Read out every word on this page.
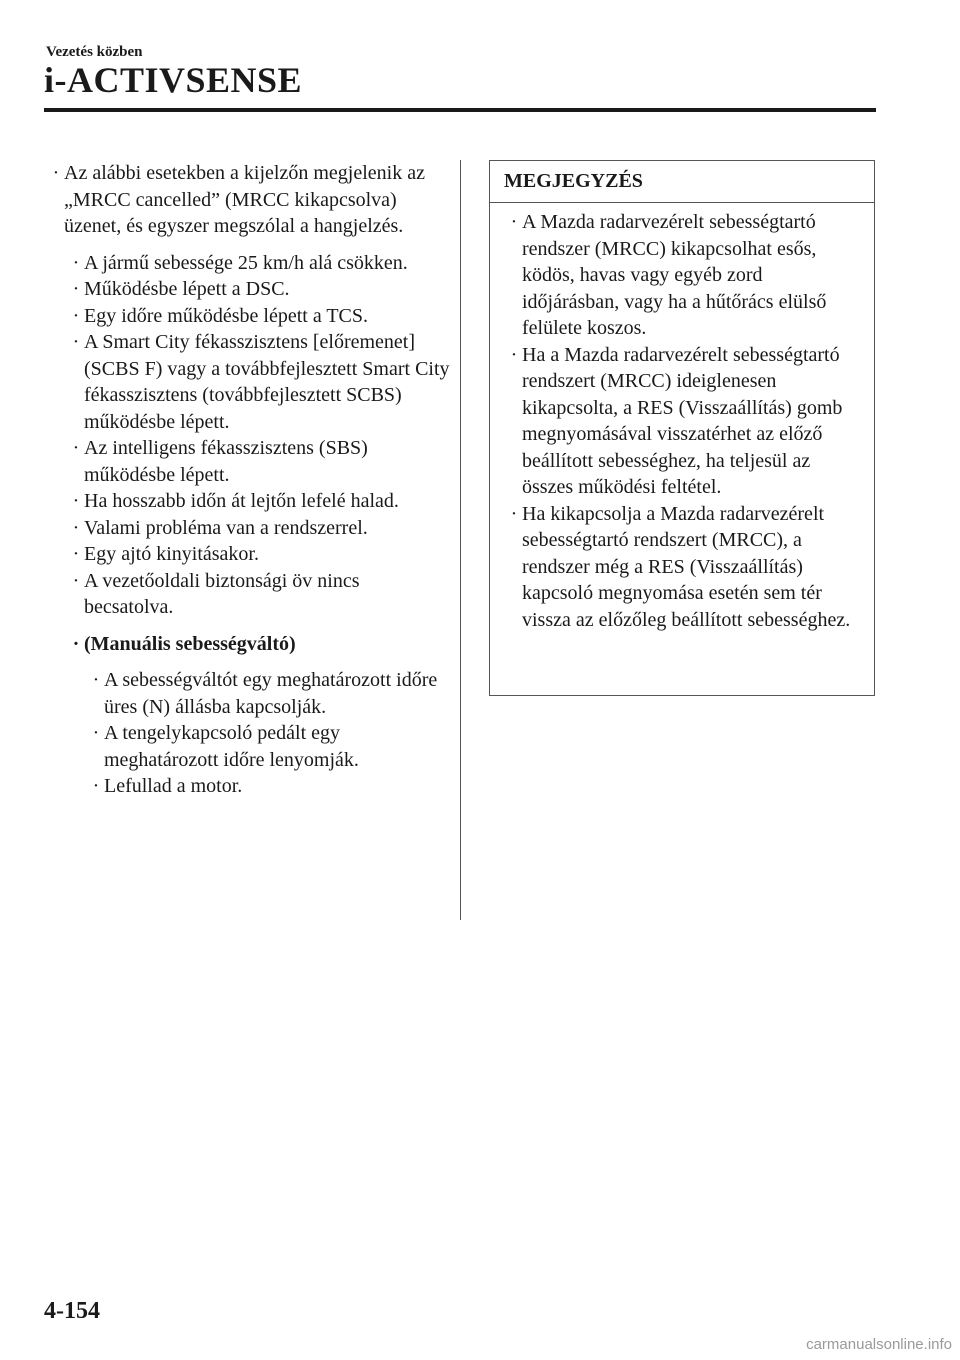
Vezetés közben
i-ACTIVSENSE
· Az alábbi esetekben a kijelzőn megjelenik az „MRCC cancelled” (MRCC kikapcsolva) üzenet, és egyszer megszólal a hangjelzés.
· A jármű sebessége 25 km/h alá csökken.
· Működésbe lépett a DSC.
· Egy időre működésbe lépett a TCS.
· A Smart City fékasszisztens [előremenet] (SCBS F) vagy a továbbfejlesztett Smart City fékasszisztens (továbbfejlesztett SCBS) működésbe lépett.
· Az intelligens fékasszisztens (SBS) működésbe lépett.
· Ha hosszabb időn át lejtőn lefelé halad.
· Valami probléma van a rendszerrel.
· Egy ajtó kinyitásakor.
· A vezetőoldali biztonsági öv nincs becsatolva.
· (Manuális sebességváltó)
· A sebességváltót egy meghatározott időre üres (N) állásba kapcsolják.
· A tengelykapcsoló pedált egy meghatározott időre lenyomják.
· Lefullad a motor.
MEGJEGYZÉS
· A Mazda radarvezérelt sebességtartó rendszer (MRCC) kikapcsolhat esős, ködös, havas vagy egyéb zord időjárásban, vagy ha a hűtőrács elülső felülete koszos.
· Ha a Mazda radarvezérelt sebességtartó rendszert (MRCC) ideiglenesen kikapcsolta, a RES (Visszaállítás) gomb megnyomásával visszatérhet az előző beállított sebességhez, ha teljesül az összes működési feltétel.
· Ha kikapcsolja a Mazda radarvezérelt sebességtartó rendszert (MRCC), a rendszer még a RES (Visszaállítás) kapcsoló megnyomása esetén sem tér vissza az előzőleg beállított sebességhez.
4-154
carmanualsonline.info
